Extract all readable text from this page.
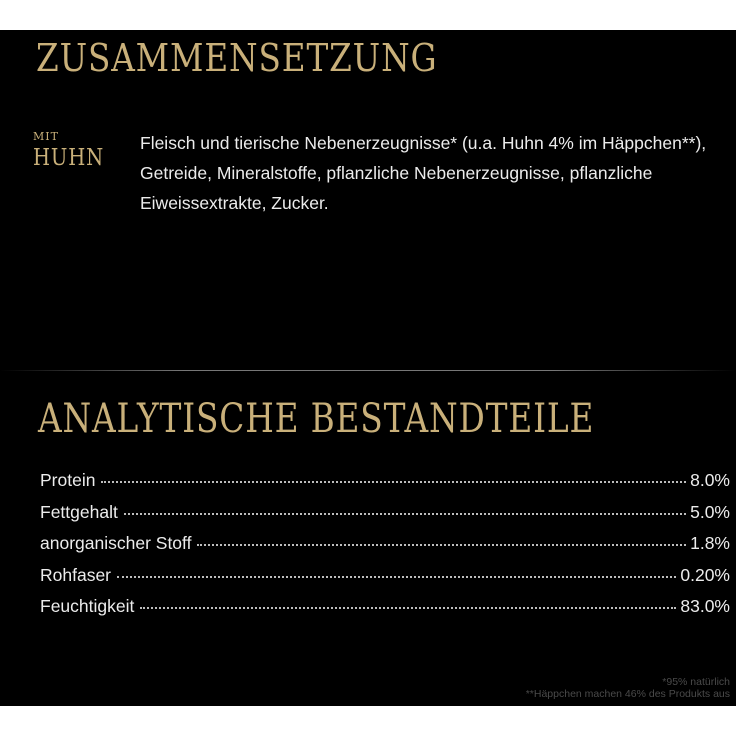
ZUSAMMENSETZUNG
MIT
HUHN

Fleisch und tierische Nebenerzeugnisse* (u.a. Huhn 4% im Häppchen**), Getreide, Mineralstoffe, pflanzliche Nebenerzeugnisse, pflanzliche Eiweissextrakte, Zucker.

ANALYTISCHE BESTANDTEILE
Protein	8.0%
Fettgehalt	5.0%
anorganischer Stoff	1.8%
Rohfaser	0.20%
Feuchtigkeit	83.0%
*95% natürlich
**Häppchen machen 46% des Produkts aus
